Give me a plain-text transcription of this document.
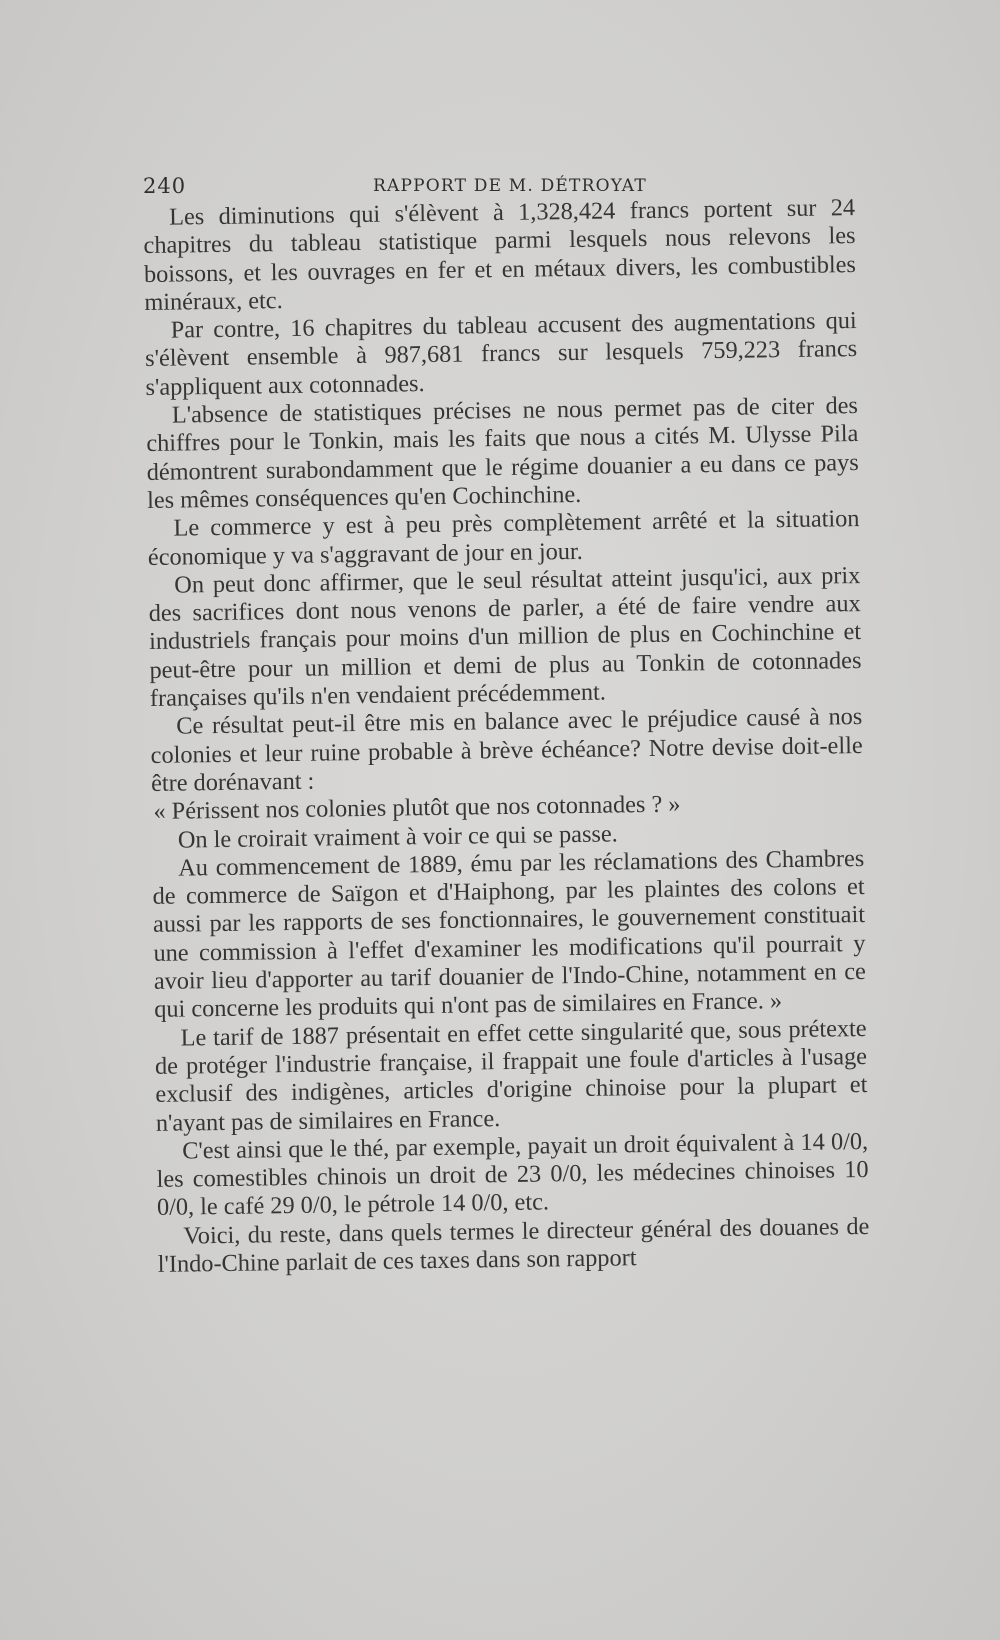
240	RAPPORT DE M. DÉTROYAT

Les diminutions qui s'élèvent à 1,328,424 francs portent sur 24 chapitres du tableau statistique parmi lesquels nous relevons les boissons, et les ouvrages en fer et en métaux divers, les combustibles minéraux, etc.

Par contre, 16 chapitres du tableau accusent des augmentations qui s'élèvent ensemble à 987,681 francs sur lesquels 759,223 francs s'appliquent aux cotonnades.

L'absence de statistiques précises ne nous permet pas de citer des chiffres pour le Tonkin, mais les faits que nous a cités M. Ulysse Pila démontrent surabondamment que le régime douanier a eu dans ce pays les mêmes conséquences qu'en Cochinchine.

Le commerce y est à peu près complètement arrêté et la situation économique y va s'aggravant de jour en jour.

On peut donc affirmer, que le seul résultat atteint jusqu'ici, aux prix des sacrifices dont nous venons de parler, a été de faire vendre aux industriels français pour moins d'un million de plus en Cochinchine et peut-être pour un million et demi de plus au Tonkin de cotonnades françaises qu'ils n'en vendaient précédemment.

Ce résultat peut-il être mis en balance avec le préjudice causé à nos colonies et leur ruine probable à brève échéance? Notre devise doit-elle être dorénavant :

« Périssent nos colonies plutôt que nos cotonnades ? »

On le croirait vraiment à voir ce qui se passe.

Au commencement de 1889, ému par les réclamations des Chambres de commerce de Saïgon et d'Haiphong, par les plaintes des colons et aussi par les rapports de ses fonctionnaires, le gouvernement constituait une commission à l'effet d'examiner les modifications qu'il pourrait y avoir lieu d'apporter au tarif douanier de l'Indo-Chine, notamment en ce qui concerne les produits qui n'ont pas de similaires en France. »

Le tarif de 1887 présentait en effet cette singularité que, sous prétexte de protéger l'industrie française, il frappait une foule d'articles à l'usage exclusif des indigènes, articles d'origine chinoise pour la plupart et n'ayant pas de similaires en France.

C'est ainsi que le thé, par exemple, payait un droit équivalent à 14 0/0, les comestibles chinois un droit de 23 0/0, les médecines chinoises 10 0/0, le café 29 0/0, le pétrole 14 0/0, etc.

Voici, du reste, dans quels termes le directeur général des douanes de l'Indo-Chine parlait de ces taxes dans son rapport
